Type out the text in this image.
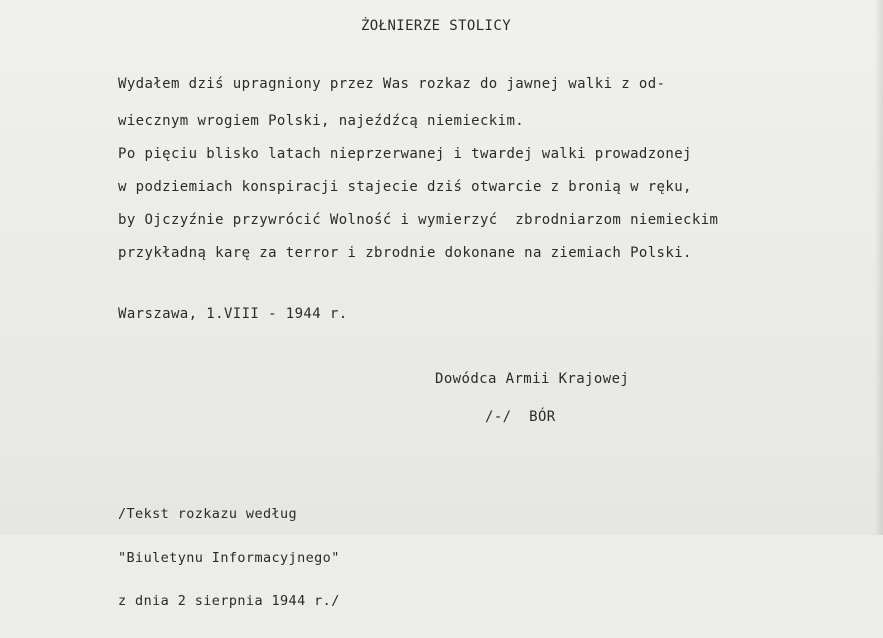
ŻOŁNIERZE STOLICY
Wydałem dziś upragniony przez Was rozkaz do jawnej walki z od-
wiecznym wrogiem Polski, najeźdźcą niemieckim.
Po pięciu blisko latach nieprzerwanej i twardej walki prowadzonej
w podziemiach konspiracji stajecie dziś otwarcie z bronią w ręku,
by Ojczyźnie przywrócić Wolność i wymierzyć  zbrodniarzom niemieckim
przykładną karę za terror i zbrodnie dokonane na ziemiach Polski.
Warszawa, 1.VIII - 1944 r.
Dowódca Armii Krajowej
/-/  BÓR

/Tekst rozkazu według

"Biuletynu Informacyjnego"

z dnia 2 sierpnia 1944 r./
